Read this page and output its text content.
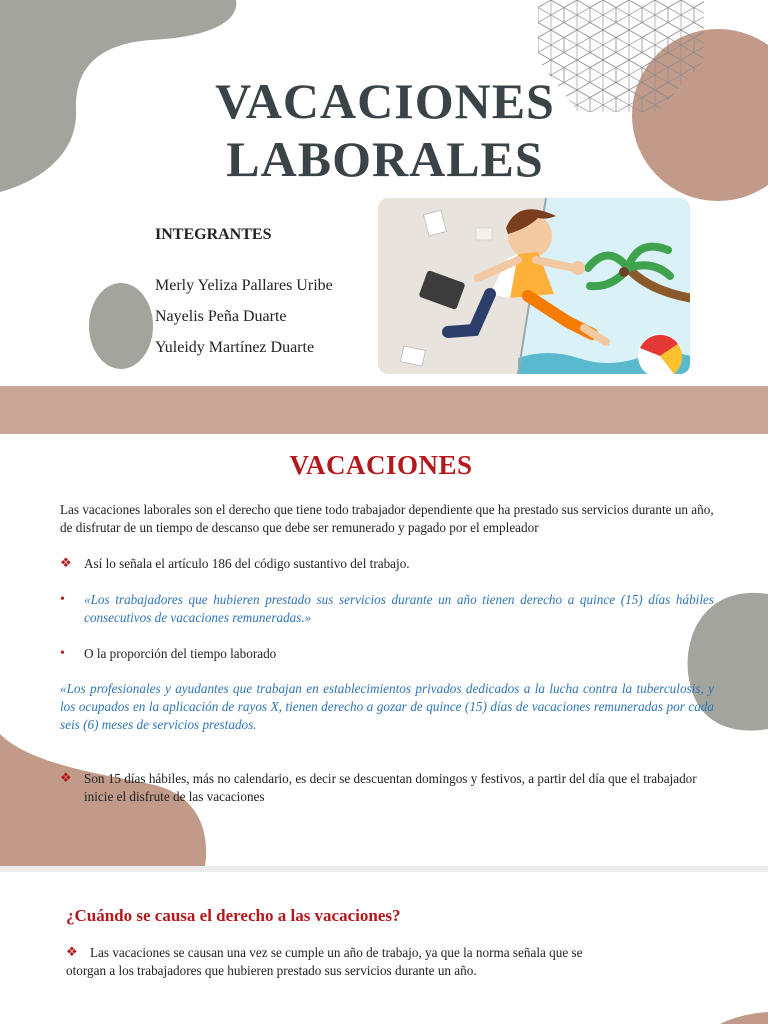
VACACIONES
LABORALES
INTEGRANTES
Merly Yeliza Pallares Uribe
Nayelis Peña Duarte
Yuleidy Martínez Duarte
VACACIONES
Las vacaciones laborales son el derecho que tiene todo trabajador dependiente que ha prestado sus servicios durante un año, de disfrutar de un tiempo de descanso que debe ser remunerado y pagado por el empleador
❖ Así lo señala el artículo 186 del código sustantivo del trabajo.
• «Los trabajadores que hubieren prestado sus servicios durante un año tienen derecho a quince (15) días hábiles consecutivos de vacaciones remuneradas.»
• O la proporción del tiempo laborado
«Los profesionales y ayudantes que trabajan en establecimientos privados dedicados a la lucha contra la tuberculosis, y los ocupados en la aplicación de rayos X, tienen derecho a gozar de quince (15) días de vacaciones remuneradas por cada seis (6) meses de servicios prestados.
❖ Son 15 días hábiles, más no calendario, es decir se descuentan domingos y festivos, a partir del día que el trabajador inicie el disfrute de las vacaciones
¿Cuándo se causa el derecho a las vacaciones?
❖ Las vacaciones se causan una vez se cumple un año de trabajo, ya que la norma señala que se otorgan a los trabajadores que hubieren prestado sus servicios durante un año.
